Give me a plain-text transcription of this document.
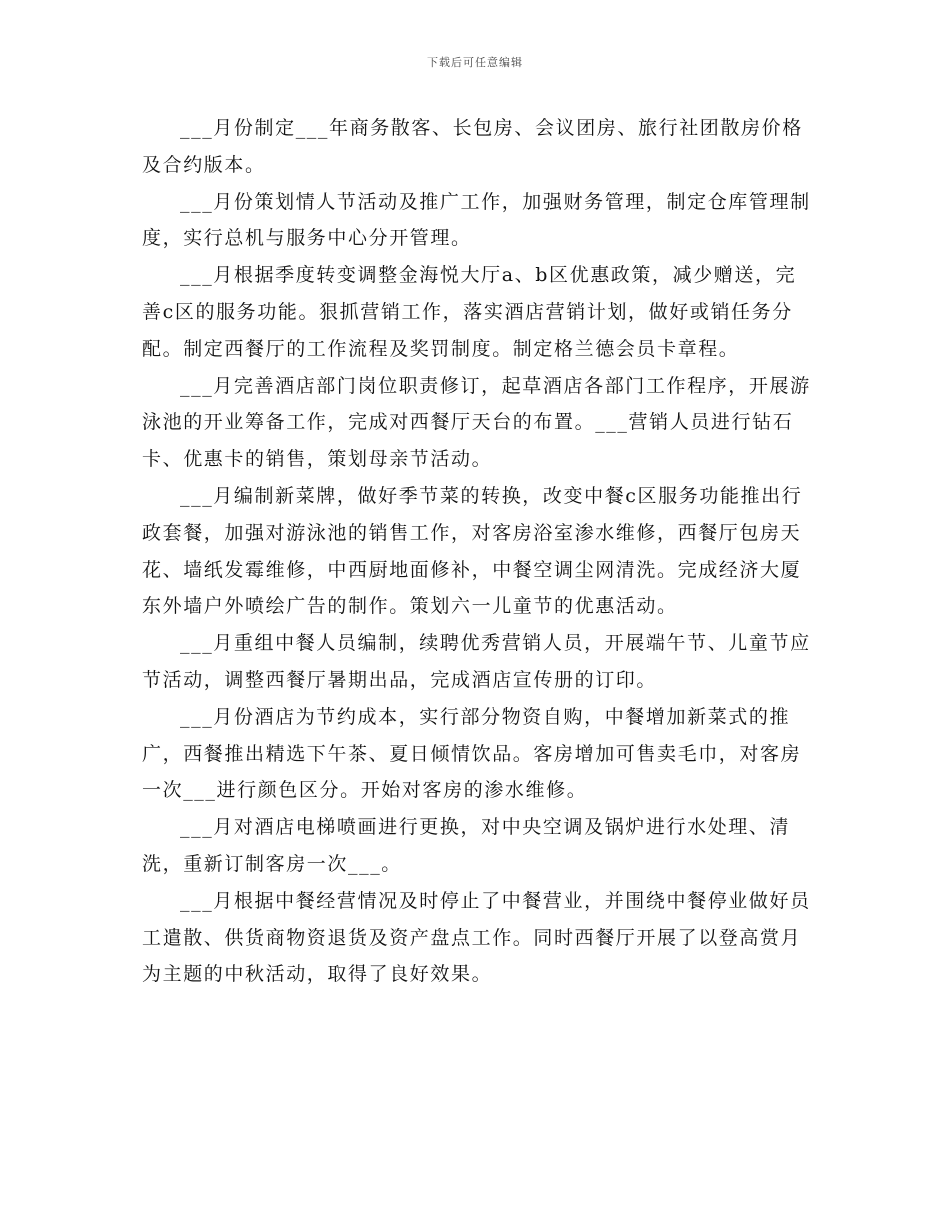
下载后可任意编辑

___月份制定___年商务散客、长包房、会议团房、旅行社团散房价格及合约版本。

___月份策划情人节活动及推广工作，加强财务管理，制定仓库管理制度，实行总机与服务中心分开管理。

___月根据季度转变调整金海悦大厅a、b区优惠政策，减少赠送，完善c区的服务功能。狠抓营销工作，落实酒店营销计划，做好或销任务分配。制定西餐厅的工作流程及奖罚制度。制定格兰德会员卡章程。

___月完善酒店部门岗位职责修订，起草酒店各部门工作程序，开展游泳池的开业筹备工作，完成对西餐厅天台的布置。___营销人员进行钻石卡、优惠卡的销售，策划母亲节活动。

___月编制新菜牌，做好季节菜的转换，改变中餐c区服务功能推出行政套餐，加强对游泳池的销售工作，对客房浴室渗水维修，西餐厅包房天花、墙纸发霉维修，中西厨地面修补，中餐空调尘网清洗。完成经济大厦东外墙户外喷绘广告的制作。策划六一儿童节的优惠活动。

___月重组中餐人员编制，续聘优秀营销人员，开展端午节、儿童节应节活动，调整西餐厅暑期出品，完成酒店宣传册的订印。

___月份酒店为节约成本，实行部分物资自购，中餐增加新菜式的推广，西餐推出精选下午茶、夏日倾情饮品。客房增加可售卖毛巾，对客房一次___进行颜色区分。开始对客房的渗水维修。

___月对酒店电梯喷画进行更换，对中央空调及锅炉进行水处理、清洗，重新订制客房一次___。

___月根据中餐经营情况及时停止了中餐营业，并围绕中餐停业做好员工遣散、供货商物资退货及资产盘点工作。同时西餐厅开展了以登高赏月为主题的中秋活动，取得了良好效果。
